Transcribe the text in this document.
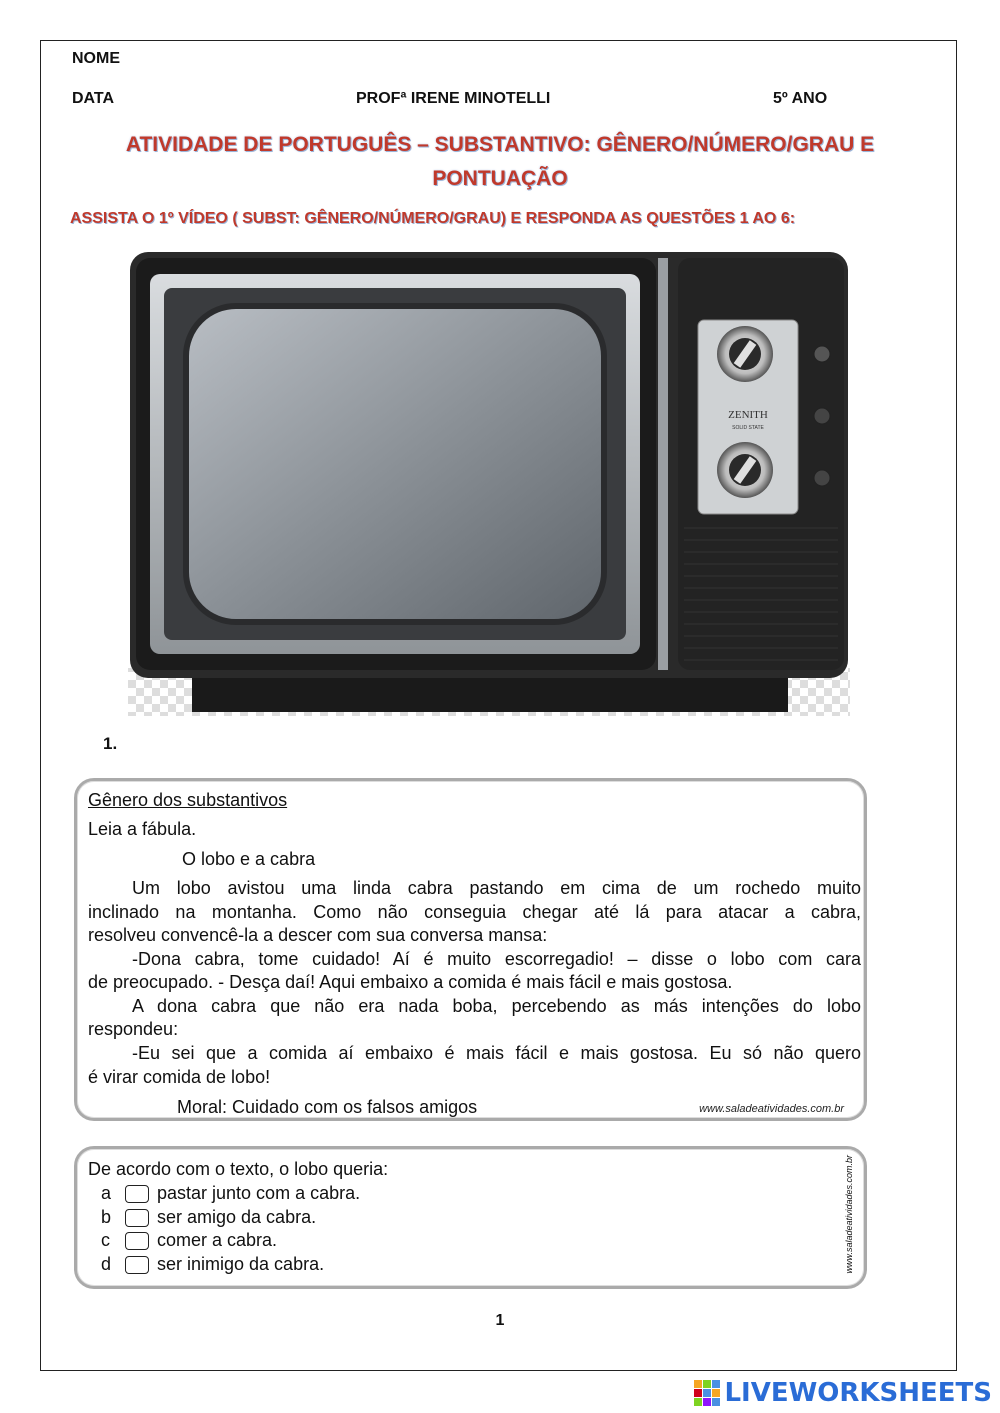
NOME
DATA	PROFª IRENE MINOTELLI	5º ANO
ATIVIDADE DE PORTUGUÊS – SUBSTANTIVO: GÊNERO/NÚMERO/GRAU E
PONTUAÇÃO
ASSISTA O 1º VÍDEO ( SUBST: GÊNERO/NÚMERO/GRAU) E RESPONDA AS QUESTÕES 1 AO 6:
ZENITH
SOLID STATE
1.
Gênero dos substantivos
Leia a fábula.
O lobo e a cabra
Um lobo avistou uma linda cabra pastando em cima de um rochedo muito
inclinado na montanha. Como não conseguia chegar até lá para atacar a cabra,
resolveu convencê-la a descer com sua conversa mansa:
-Dona cabra, tome cuidado! Aí é muito escorregadio! – disse o lobo com cara
de preocupado. - Desça daí! Aqui embaixo a comida é mais fácil e mais gostosa.
A dona cabra que não era nada boba, percebendo as más intenções do lobo
respondeu:
-Eu sei que a comida aí embaixo é mais fácil e mais gostosa. Eu só não quero
é virar comida de lobo!
Moral: Cuidado com os falsos amigos	www.saladeatividades.com.br
De acordo com o texto, o lobo queria:
a	pastar junto com a cabra.
b	ser amigo da cabra.
c	comer a cabra.
d	ser inimigo da cabra.	www.saladeatividades.com.br
1
LIVEWORKSHEETS
